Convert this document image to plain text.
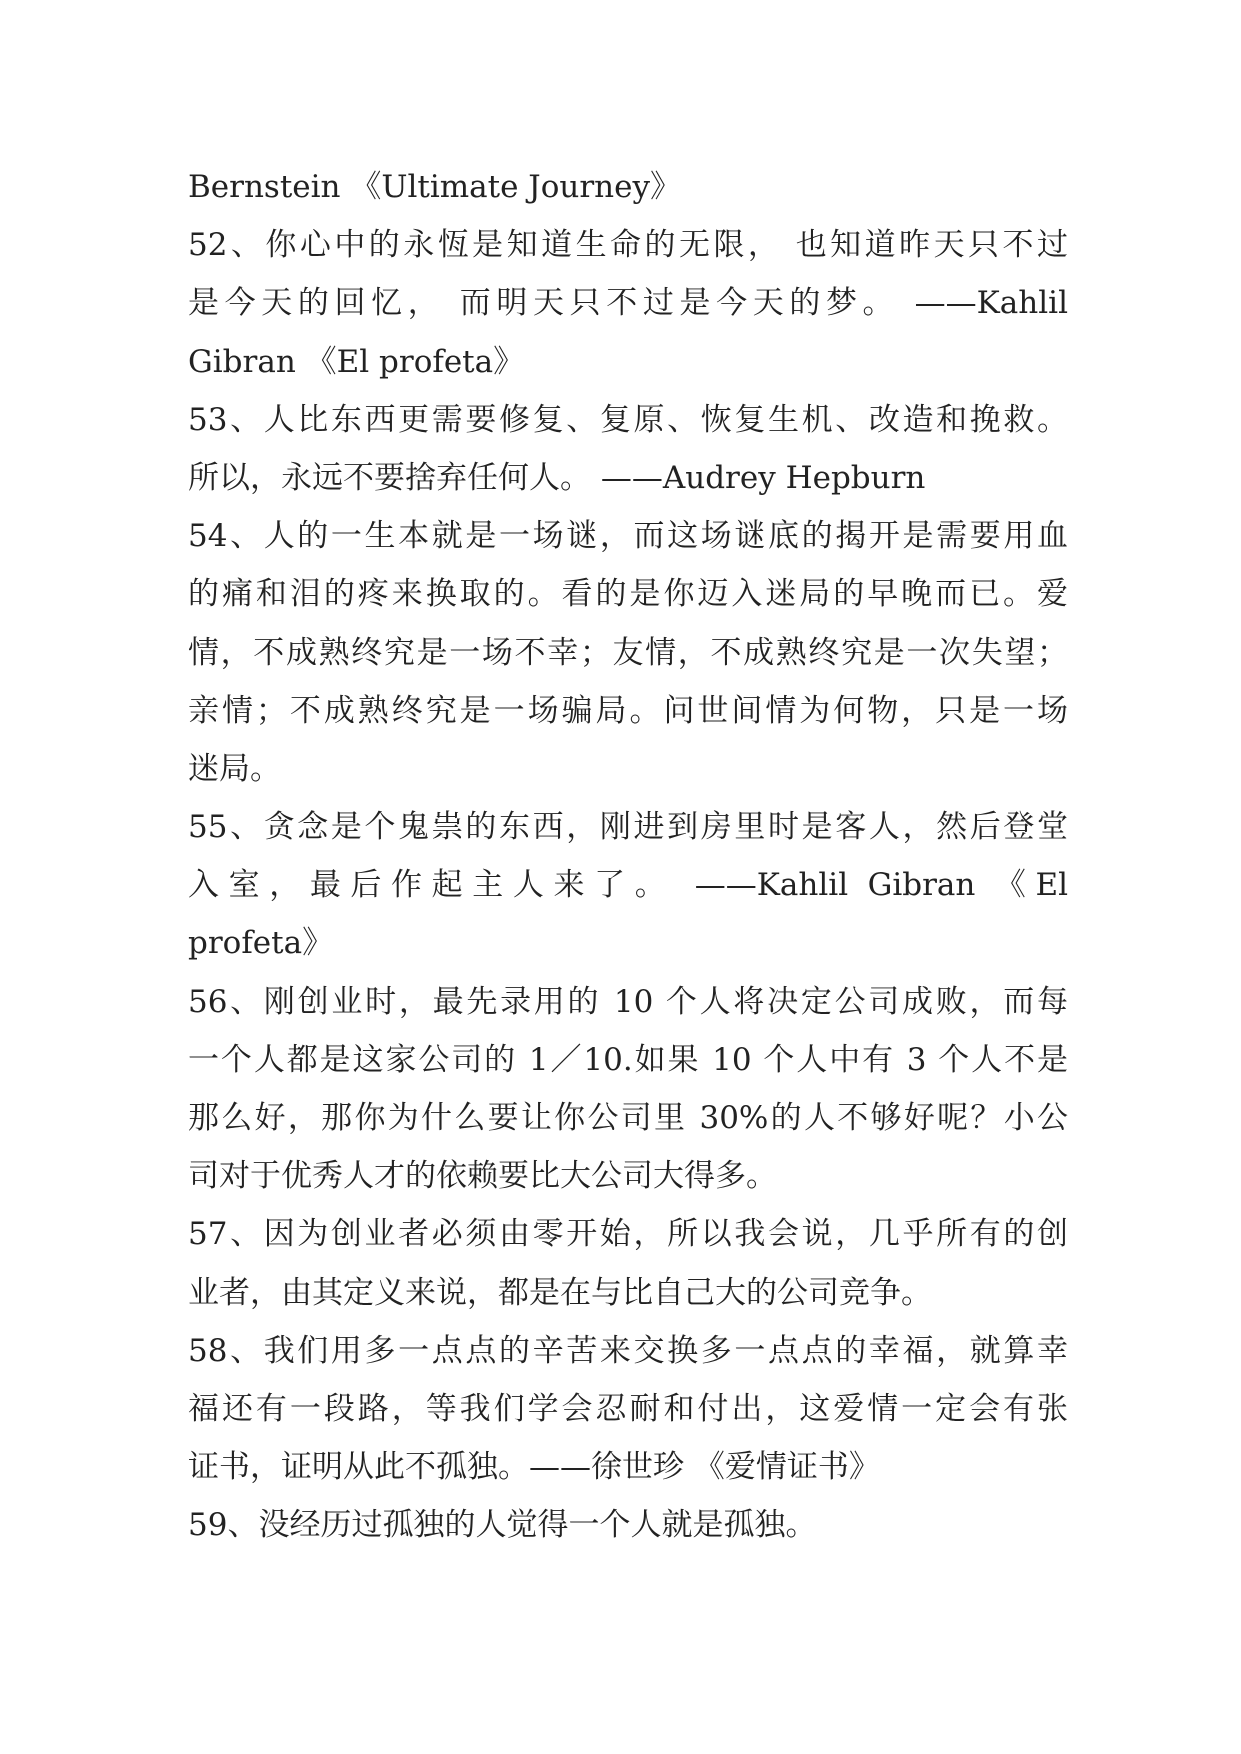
Bernstein 《Ultimate Journey》
52、你心中的永恆是知道生命的无限， 也知道昨天只不过
是今天的回忆， 而明天只不过是今天的梦。 ——Kahlil
Gibran 《El profeta》
53、人比东西更需要修复、复原、恢复生机、改造和挽救。
所以，永远不要捨弃任何人。 ——Audrey Hepburn
54、人的一生本就是一场谜，而这场谜底的揭开是需要用血
的痛和泪的疼来换取的。看的是你迈入迷局的早晚而已。爱
情，不成熟终究是一场不幸；友情，不成熟终究是一次失望；
亲情；不成熟终究是一场骗局。问世间情为何物，只是一场
迷局。
55、贪念是个鬼祟的东西，刚进到房里时是客人，然后登堂
入室，最后作起主人来了。 ——Kahlil Gibran 《El
profeta》
56、刚创业时，最先录用的 10 个人将决定公司成败，而每
一个人都是这家公司的 1／10.如果 10 个人中有 3 个人不是
那么好，那你为什么要让你公司里 30%的人不够好呢？小公
司对于优秀人才的依赖要比大公司大得多。
57、因为创业者必须由零开始，所以我会说，几乎所有的创
业者，由其定义来说，都是在与比自己大的公司竞争。
58、我们用多一点点的辛苦来交换多一点点的幸福，就算幸
福还有一段路，等我们学会忍耐和付出，这爱情一定会有张
证书，证明从此不孤独。——徐世珍 《爱情证书》
59、没经历过孤独的人觉得一个人就是孤独。
